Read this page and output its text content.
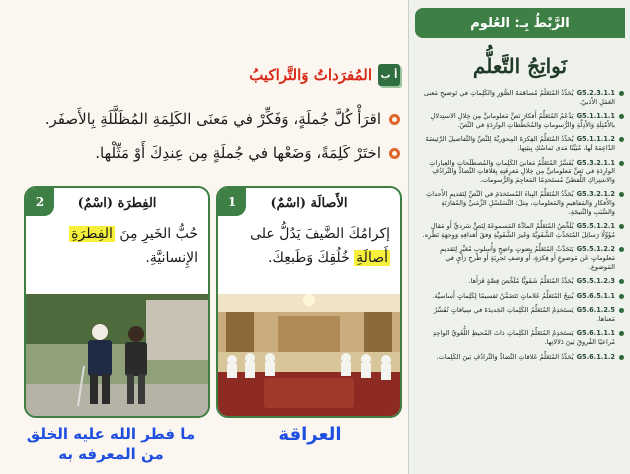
الرَّبْطُ بِـ: العُلوم
نَواتِجُ التَّعلُّم
G5.2.3.1.1يُحَدِّدُ المُتَعَلِّمُ مُساهَمَةَ الصُّوَرِ وَالكَلِماتِ في تَوضيحِ مَعنى العَمَلِ الأَدَبيّ.
G5.1.1.1.1يَدْعَمُ المُتَعَلِّمُ أَفكارَ نَصٍّ مَعلوماتيٍّ مِن خِلالِ الاستِدلالِ بالأَمْثِلَةِ وَالأَدِلَّةِ وَالرُّسوماتِ وَالمُخَطَّطاتِ الوارِدَةِ في النَّصّ.
G5.1.1.1.2يُحَدِّدُ المُتَعَلِّمُ الفِكرَةَ المِحوَريَّةَ لِلنَّصِّ وَالتَّفاصيلَ الرَّئيسَةَ الدّاعِمَةَ لَها، مُبَيِّنًا مَدى تَماسُكِ بِنيَتِها.
G5.3.2.1.1يُفَسِّرُ المُتَعَلِّمُ مَعانيَ الكَلِماتِ وَالمُصطَلَحاتِ وَالعِباراتِ الوارِدَةِ في نَصٍّ مَعلوماتيٍّ مِن خِلالِ مَعرِفَتِهِ بِعَلاقاتِ التَّضادِّ وَالتَّرادُفِ وَالاشتِراكِ اللَّفظيِّ مُستَخدِمًا المَعاجِمَ وَالرُّسومات.
G5.3.2.1.2يُحَدِّدُ المُتَعَلِّمُ البِناءَ المُستَخدَمَ في النَّصِّ لِتَقديمِ الأَحداثِ وَالأَفكارِ وَالمَفاهيمِ وَالمَعلوماتِ، مِثلَ: التَّسَلسُلِ الزَّمَنيِّ وَالمُقارَنَةِ وَالسَّبَبِ وَالنَّتيجَةِ.
G5.5.1.2.1يُلَخِّصُ المُتَعَلِّمُ المادَّةَ المَسموعَةَ لِنَصٍّ سَرديٍّ أَو مَقالٍ مُؤَوِّلًا رَسائِلَ المُتَحَدِّثِ الشَّفَويَّةَ وَغَيرَ الشَّفَويَّةِ وَفقَ أَهدافِهِ وَوِجهَةِ نَظَرِه.
G5.5.1.2.2يَتَحَدَّثُ المُتَعَلِّمُ بِصَوتٍ واضِحٍ وَأُسلوبٍ مُعَبِّرٍ لِتَقديمِ مَعلوماتٍ عَن مَوضوعٍ أَو فِكرَةٍ، أَو وَصفِ تَجرِبَةٍ أَو طَرحِ رَأيٍ في المَوضوع.
G5.5.1.2.3يُحَدِّدُ المُتَعَلِّمُ شَفَويًّا مُلَخَّصَ قِصَّةٍ قَرَأَها.
G5.6.5.1.1يُنتِجُ المُتَعَلِّمُ عَلاماتٍ تَتَضَمَّنُ تَقسيمًا لِكَلِماتٍ أَساسيَّة.
G5.6.1.2.5يَستَخدِمُ المُتَعَلِّمُ الكَلِماتِ الجَديدَةَ في سِياقاتٍ تُفَسِّرُ مَعناها.
G5.6.1.1.1يَستَخدِمُ المُتَعَلِّمُ الكَلِماتِ ذاتَ المُحيطِ اللُّغَويِّ الواحِدِ مُراعيًا الفُروقَ بَينَ دَلالاتِها.
G5.6.1.1.2يُحَدِّدُ المُتَعَلِّمُ عَلاقاتِ التَّضادِّ وَالتَّرادُفِ بَينَ الكَلِمات.
أ ب
المُفرَداتُ وَالتَّراكيبُ
اقرَأْ كُلَّ جُملَةٍ، وَفَكِّرْ في مَعنَى الكَلِمَةِ المُظَلَّلَةِ بِالأَصفَر.
اختَرْ كَلِمَةً، وَضَعْها في جُملَةٍ مِن عِندِكَ أَوْ مَثِّلْها.
الأَصالَة (اسْمٌ)
1
إكرامُكَ الضَّيفَ يَدُلُّ على أَصالَةِ خُلُقِكَ وَطَبعِكَ.
الفِطرَة (اسْمٌ)
2
حُبُّ الخَيرِ مِنَ الفِطرَةِ الإِنسانيَّةِ.
العراقة
ما فطر الله عليه الخلق
من المعرفه به
